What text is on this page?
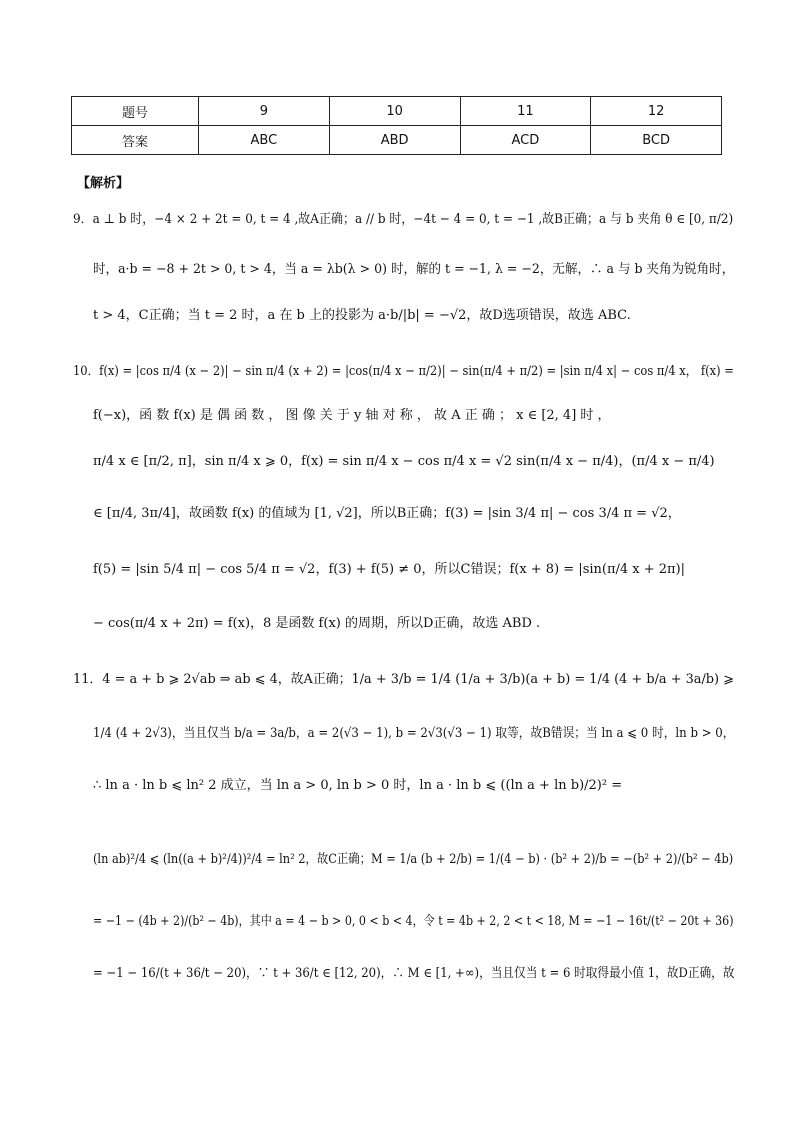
题号	9	10	11	12
答案	ABC	ABD	ACD	BCD
【解析】
9．a ⊥ b 时，−4 × 2 + 2t = 0, t = 4 ,故A正确；a // b 时，−4t − 4 = 0, t = −1 ,故B正确；a 与 b 夹角 θ ∈ [0, π/2)
时，a·b = −8 + 2t > 0, t > 4，当 a = λb(λ > 0) 时，解的 t = −1, λ = −2，无解，∴ a 与 b 夹角为锐角时，
t > 4，C正确；当 t = 2 时，a 在 b 上的投影为 a·b/|b| = −√2，故D选项错误，故选 ABC.
10．f(x) = |cos π/4 (x − 2)| − sin π/4 (x + 2) = |cos(π/4 x − π/2)| − sin(π/4 + π/2) = |sin π/4 x| − cos π/4 x， f(x) =
f(−x)，函 数 f(x) 是 偶 函 数 ， 图 像 关 于 y 轴 对 称 ， 故 A 正 确 ； x ∈ [2, 4] 时 ，
π/4 x ∈ [π/2, π]，sin π/4 x ⩾ 0，f(x) = sin π/4 x − cos π/4 x = √2 sin(π/4 x − π/4)，(π/4 x − π/4)
∈ [π/4, 3π/4]，故函数 f(x) 的值域为 [1, √2]，所以B正确；f(3) = |sin 3/4 π| − cos 3/4 π = √2，
f(5) = |sin 5/4 π| − cos 5/4 π = √2，f(3) + f(5) ≠ 0，所以C错误；f(x + 8) = |sin(π/4 x + 2π)|
− cos(π/4 x + 2π) = f(x)，8 是函数 f(x) 的周期，所以D正确，故选 ABD .
11．4 = a + b ⩾ 2√ab ⇒ ab ⩽ 4，故A正确；1/a + 3/b = 1/4 (1/a + 3/b)(a + b) = 1/4 (4 + b/a + 3a/b) ⩾
1/4 (4 + 2√3)，当且仅当 b/a = 3a/b，a = 2(√3 − 1), b = 2√3(√3 − 1) 取等，故B错误；当 ln a ⩽ 0 时，ln b > 0，
∴ ln a · ln b ⩽ ln² 2 成立，当 ln a > 0, ln b > 0 时，ln a · ln b ⩽ ((ln a + ln b)/2)² =
(ln ab)²/4 ⩽ (ln((a + b)²/4))²/4 = ln² 2，故C正确；M = 1/a (b + 2/b) = 1/(4 − b) · (b² + 2)/b = −(b² + 2)/(b² − 4b)
= −1 − (4b + 2)/(b² − 4b)，其中 a = 4 − b > 0, 0 < b < 4，令 t = 4b + 2, 2 < t < 18, M = −1 − 16t/(t² − 20t + 36)
= −1 − 16/(t + 36/t − 20)，∵ t + 36/t ∈ [12, 20)，∴ M ∈ [1, +∞)，当且仅当 t = 6 时取得最小值 1，故D正确，故
